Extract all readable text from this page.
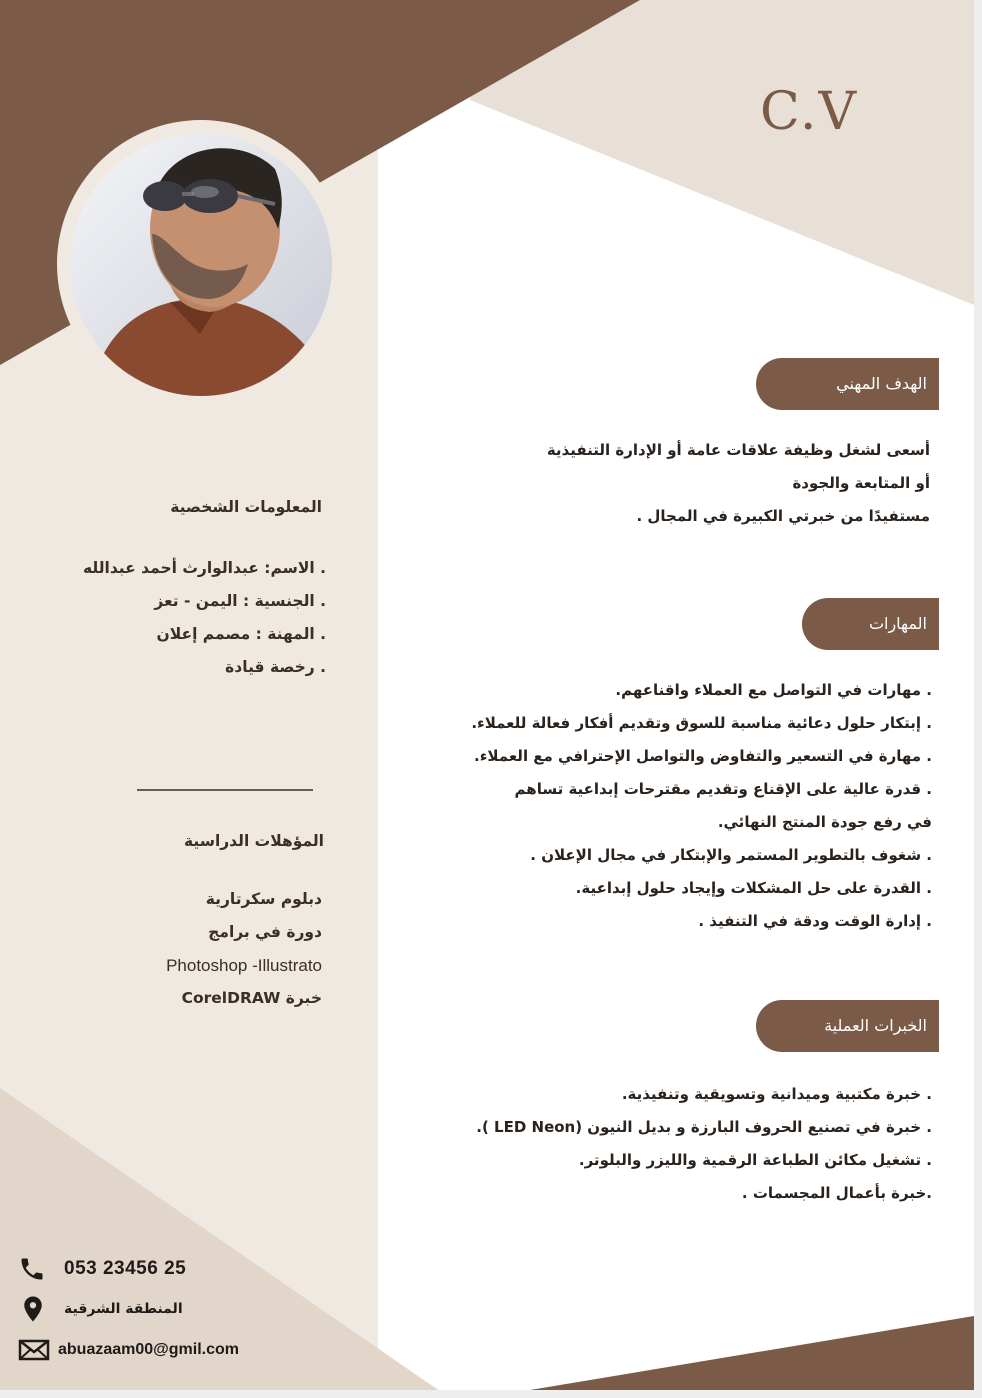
C.V
الهدف المهني
أسعى لشغل وظيفة علاقات عامة أو الإدارة التنفيذية
أو المتابعة والجودة
مستفيدًا من خبرتي الكبيرة في المجال .
المهارات
. مهارات في التواصل مع العملاء واقناعهم.
. إبتكار حلول دعائية مناسبة للسوق وتقديم أفكار فعالة للعملاء.
. مهارة في التسعير والتفاوض والتواصل الإحترافي مع العملاء.
. قدرة عالية على الإقناع وتقديم مقترحات إبداعية تساهم
في رفع جودة المنتج النهائي.
. شغوف بالتطوير المستمر والإبتكار في مجال الإعلان .
. القدرة على حل المشكلات وإيجاد حلول إبداعية.
. إدارة الوقت ودقة في التنفيذ .
الخبرات العملية
. خبرة مكتبية وميدانية وتسويقية وتنفيذية.
. خبرة في تصنيع الحروف البارزة و بديل النيون (LED Neon ).
. تشغيل مكائن الطباعة الرقمية والليزر والبلوتر.
.خبرة بأعمال المجسمات .
المعلومات الشخصية
. الاسم: عبدالوارث أحمد عبدالله
. الجنسية : اليمن - تعز
. المهنة : مصمم إعلان
. رخصة قيادة
المؤهلات الدراسية
دبلوم سكرتارية
دورة في برامج
Photoshop -Illustrato
خبرة CorelDRAW
053 23456 25
المنطقة الشرقية
abuazaam00@gmil.com
